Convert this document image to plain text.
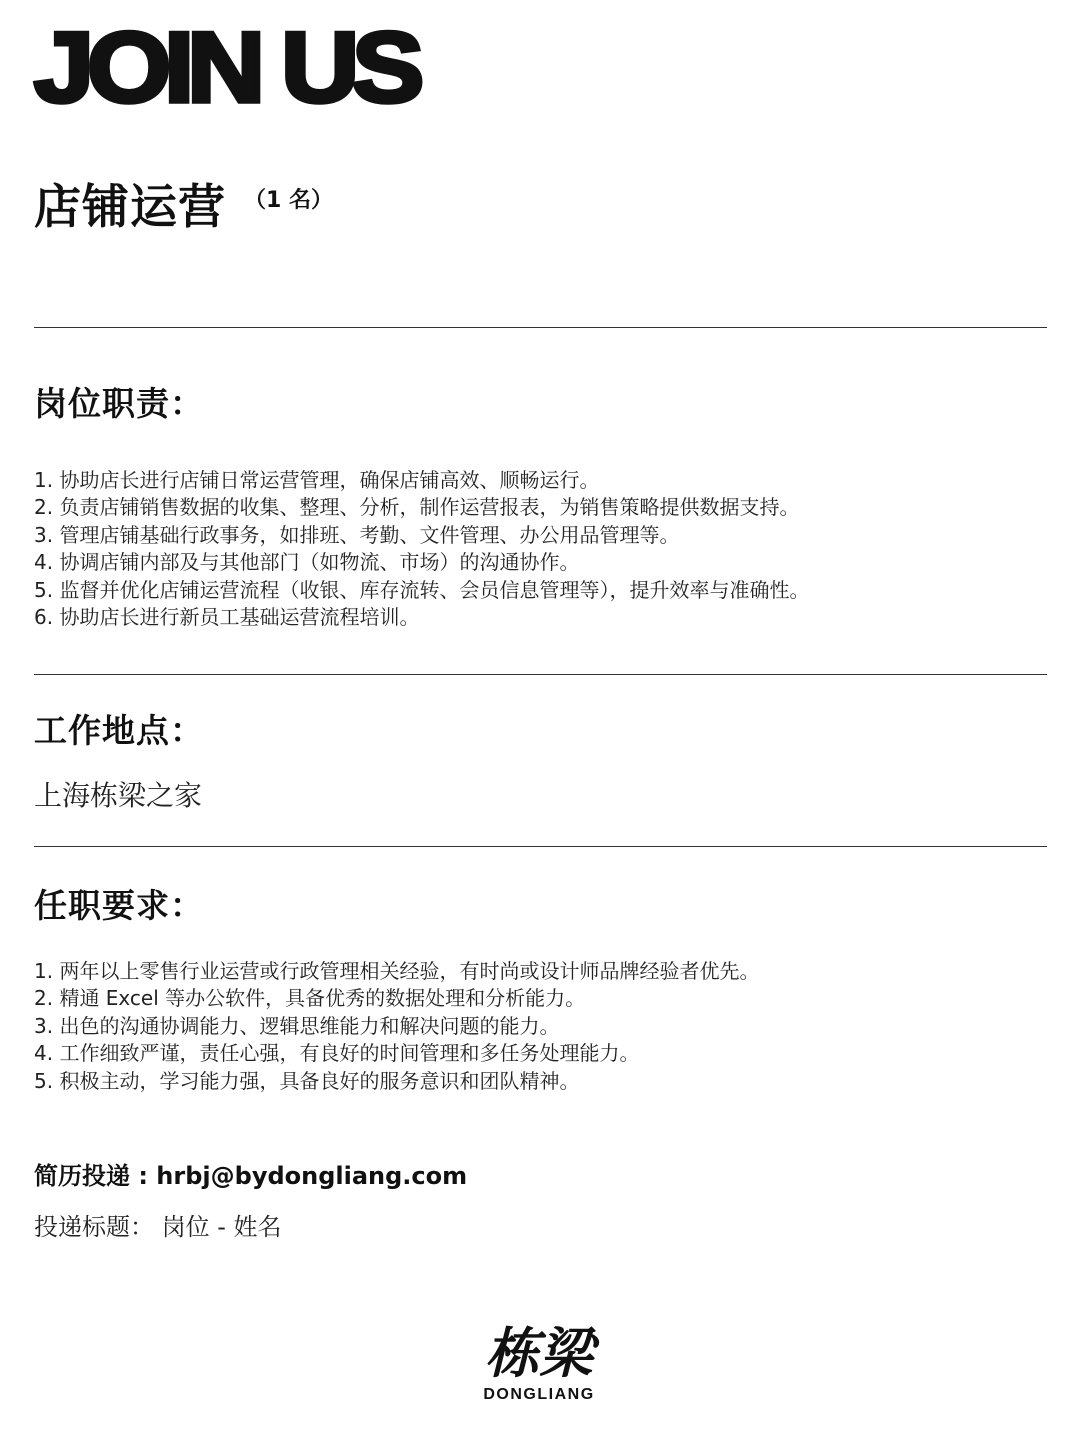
JOIN US
店铺运营 （1 名）
岗位职责：
1. 协助店长进行店铺日常运营管理，确保店铺高效、顺畅运行。
2. 负责店铺销售数据的收集、整理、分析，制作运营报表，为销售策略提供数据支持。
3. 管理店铺基础行政事务，如排班、考勤、文件管理、办公用品管理等。
4. 协调店铺内部及与其他部门（如物流、市场）的沟通协作。
5. 监督并优化店铺运营流程（收银、库存流转、会员信息管理等），提升效率与准确性。
6. 协助店长进行新员工基础运营流程培训。
工作地点：
上海栋梁之家
任职要求：
1. 两年以上零售行业运营或行政管理相关经验，有时尚或设计师品牌经验者优先。
2. 精通 Excel 等办公软件，具备优秀的数据处理和分析能力。
3. 出色的沟通协调能力、逻辑思维能力和解决问题的能力。
4. 工作细致严谨，责任心强，有良好的时间管理和多任务处理能力。
5. 积极主动，学习能力强，具备良好的服务意识和团队精神。
简历投递 : hrbj@bydongliang.com
投递标题： 岗位 - 姓名
栋梁
DONGLIANG
